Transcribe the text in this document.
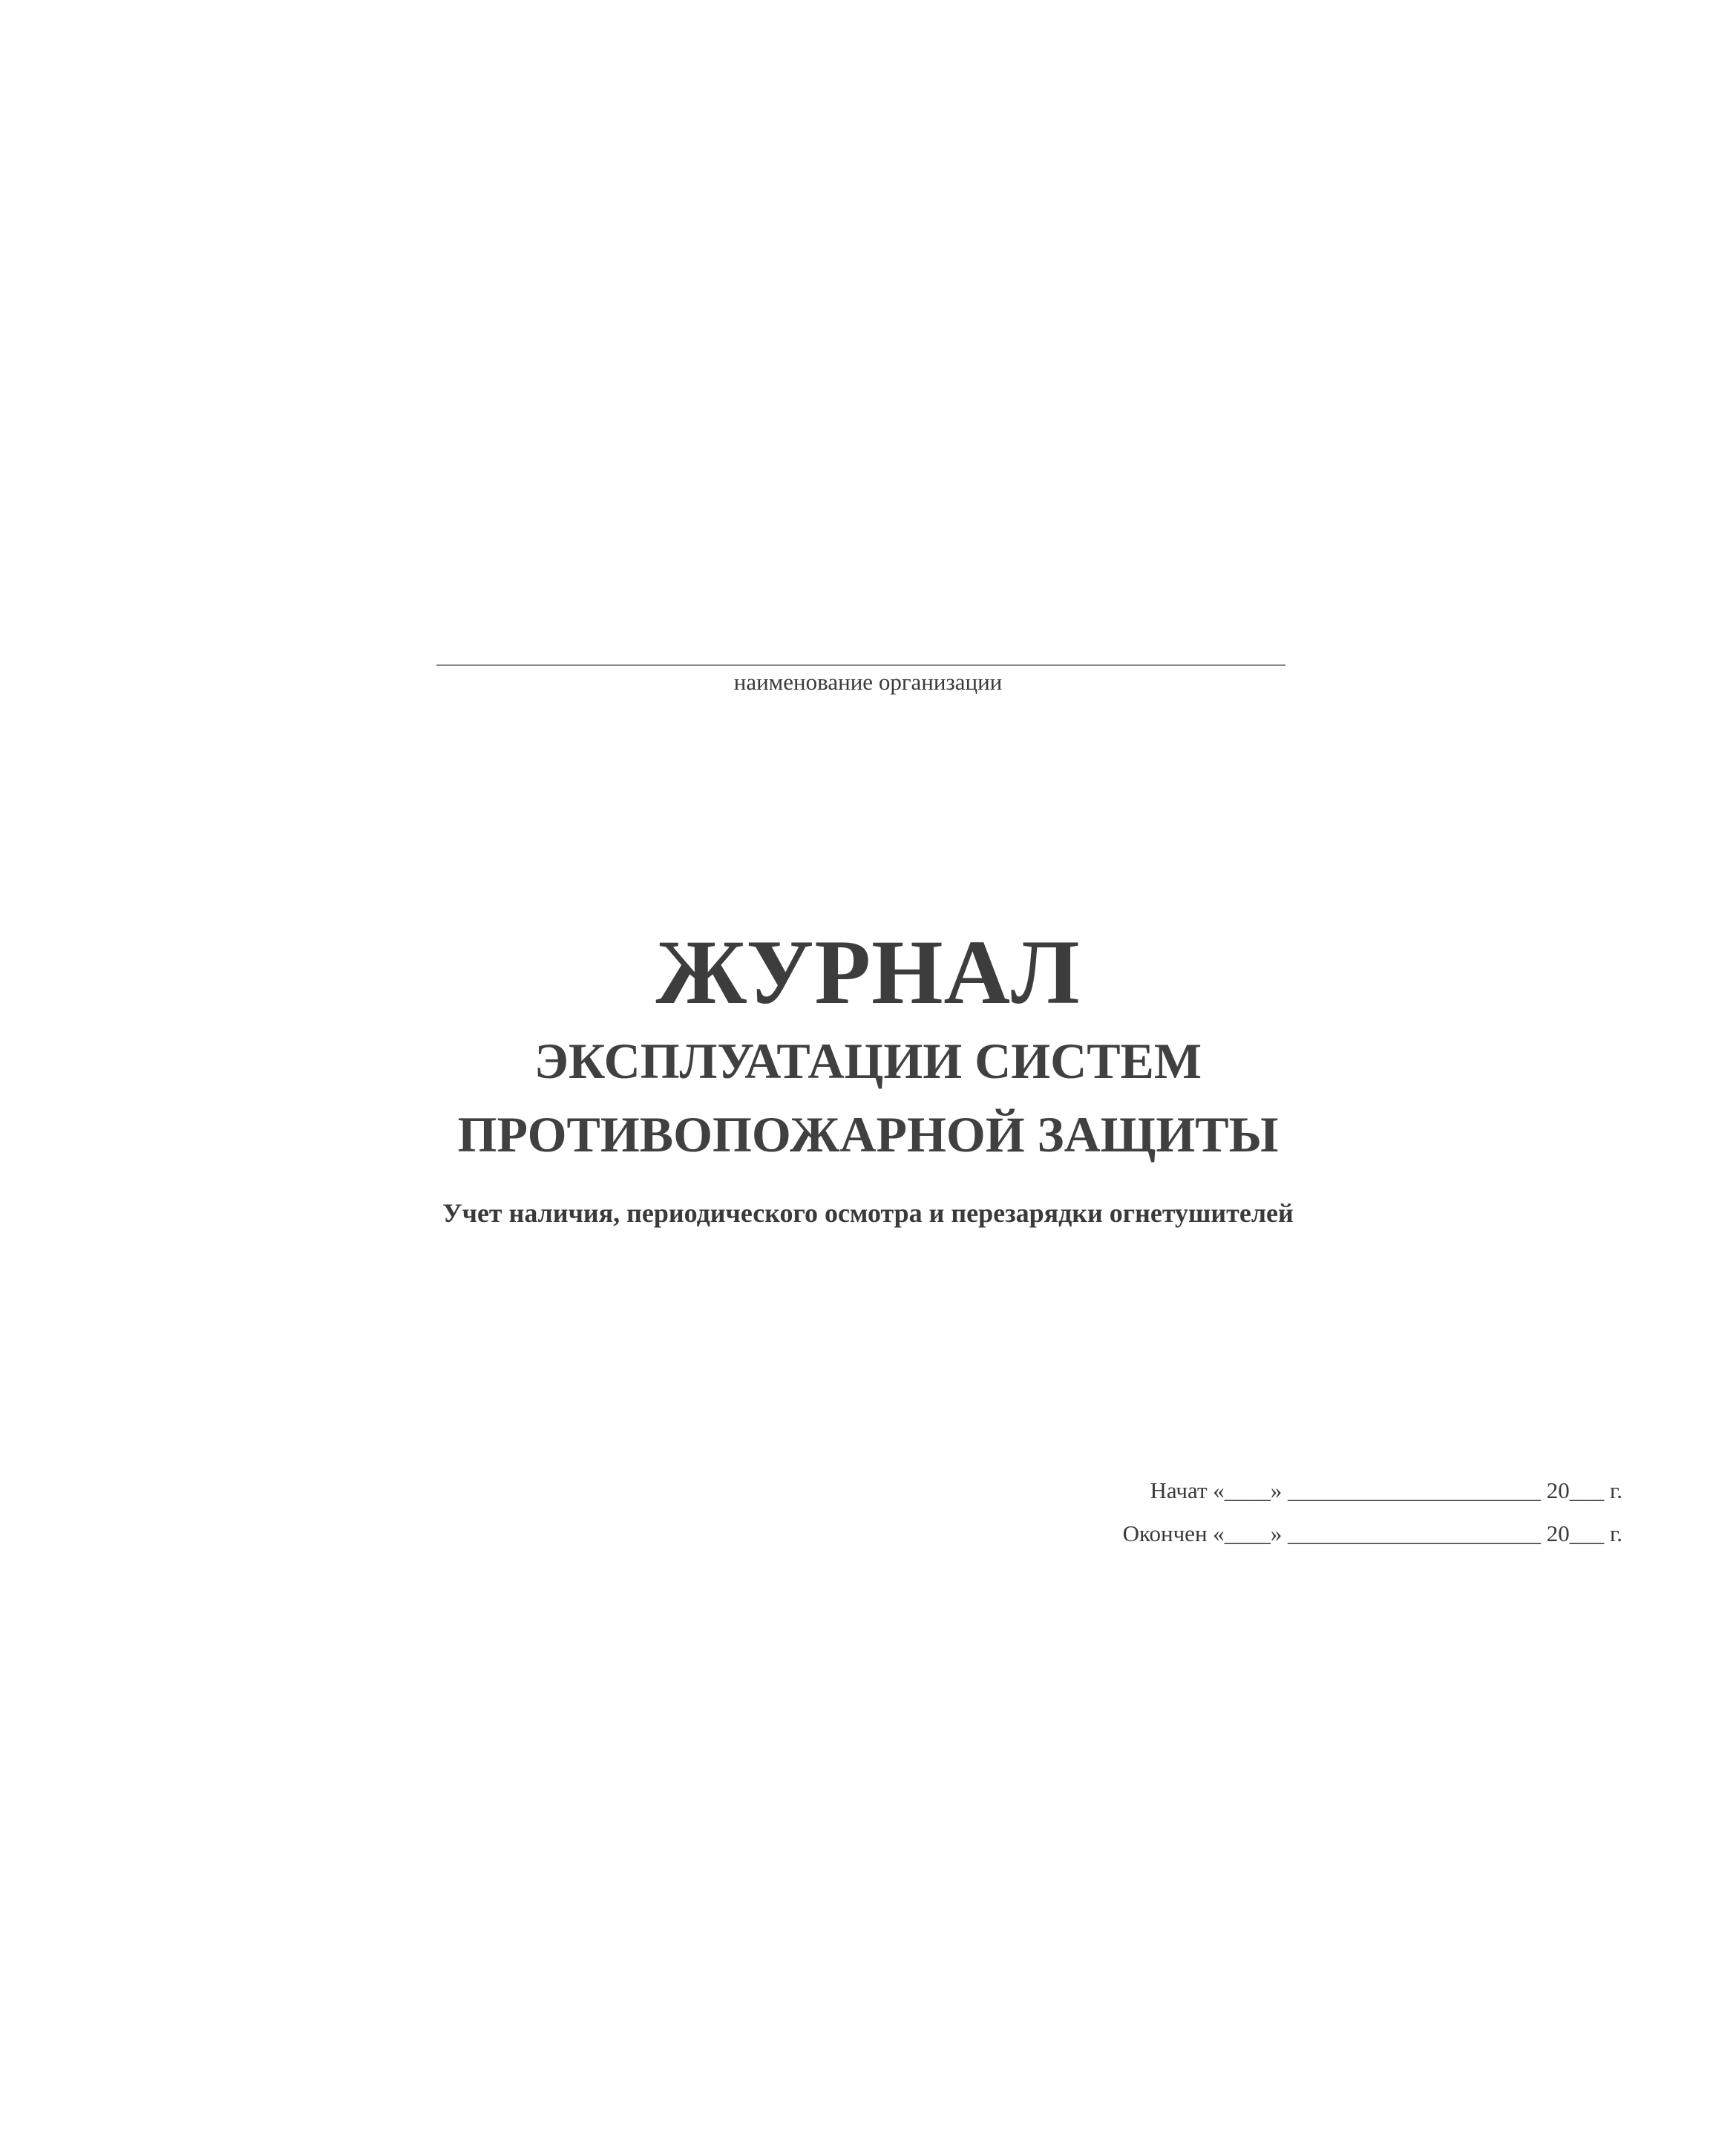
наименование организации
ЖУРНАЛ
ЭКСПЛУАТАЦИИ СИСТЕМ
ПРОТИВОПОЖАРНОЙ ЗАЩИТЫ
Учет наличия, периодического осмотра и перезарядки огнетушителей
Начат «____» ______________________ 20___ г.
Окончен «____» ______________________ 20___ г.
